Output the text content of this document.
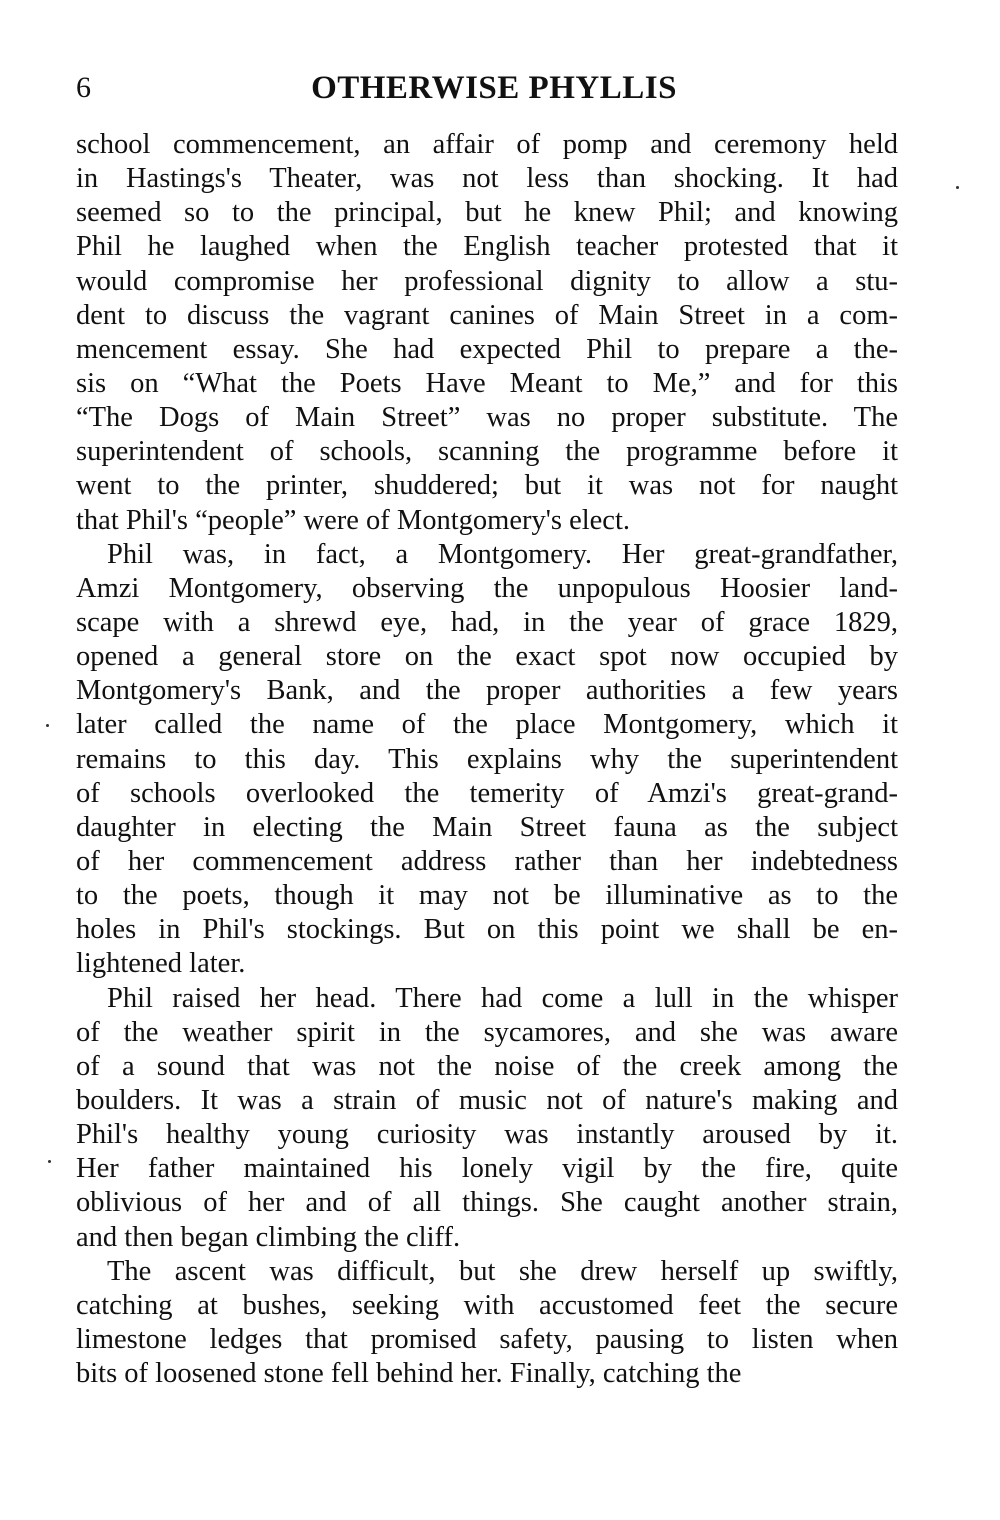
6	OTHERWISE PHYLLIS
school commencement, an affair of pomp and ceremony held
in Hastings's Theater, was not less than shocking. It had
seemed so to the principal, but he knew Phil; and knowing
Phil he laughed when the English teacher protested that it
would compromise her professional dignity to allow a stu-
dent to discuss the vagrant canines of Main Street in a com-
mencement essay. She had expected Phil to prepare a the-
sis on “What the Poets Have Meant to Me,” and for this
“The Dogs of Main Street” was no proper substitute. The
superintendent of schools, scanning the programme before it
went to the printer, shuddered; but it was not for naught
that Phil's “people” were of Montgomery's elect.
Phil was, in fact, a Montgomery. Her great-grandfather,
Amzi Montgomery, observing the unpopulous Hoosier land-
scape with a shrewd eye, had, in the year of grace 1829,
opened a general store on the exact spot now occupied by
Montgomery's Bank, and the proper authorities a few years
later called the name of the place Montgomery, which it
remains to this day. This explains why the superintendent
of schools overlooked the temerity of Amzi's great-grand-
daughter in electing the Main Street fauna as the subject
of her commencement address rather than her indebtedness
to the poets, though it may not be illuminative as to the
holes in Phil's stockings. But on this point we shall be en-
lightened later.
Phil raised her head. There had come a lull in the whisper
of the weather spirit in the sycamores, and she was aware
of a sound that was not the noise of the creek among the
boulders. It was a strain of music not of nature's making and
Phil's healthy young curiosity was instantly aroused by it.
Her father maintained his lonely vigil by the fire, quite
oblivious of her and of all things. She caught another strain,
and then began climbing the cliff.
The ascent was difficult, but she drew herself up swiftly,
catching at bushes, seeking with accustomed feet the secure
limestone ledges that promised safety, pausing to listen when
bits of loosened stone fell behind her. Finally, catching the
